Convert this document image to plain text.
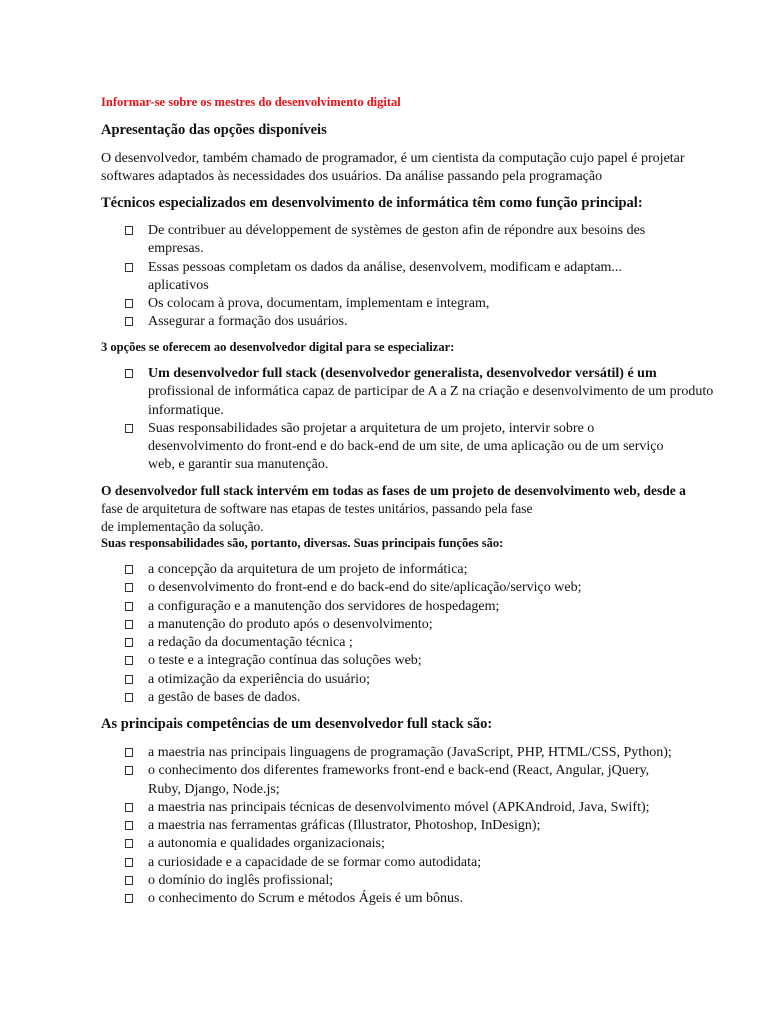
Informar-se sobre os mestres do desenvolvimento digital

Apresentação das opções disponíveis

O desenvolvedor, também chamado de programador, é um cientista da computação cujo papel é projetar
softwares adaptados às necessidades dos usuários. Da análise passando pela programação

Técnicos especializados em desenvolvimento de informática têm como função principal:

De contribuer au développement de systèmes de geston afin de répondre aux besoins des
empresas.
Essas pessoas completam os dados da análise, desenvolvem, modificam e adaptam...
aplicativos
Os colocam à prova, documentam, implementam e integram,
Assegurar a formação dos usuários.

3 opções se oferecem ao desenvolvedor digital para se especializar:

Um desenvolvedor full stack (desenvolvedor generalista, desenvolvedor versátil) é um
profissional de informática capaz de participar de A a Z na criação e desenvolvimento de um produto
informatique.
Suas responsabilidades são projetar a arquitetura de um projeto, intervir sobre o
desenvolvimento do front-end e do back-end de um site, de uma aplicação ou de um serviço
web, e garantir sua manutenção.

O desenvolvedor full stack intervém em todas as fases de um projeto de desenvolvimento web, desde a
fase de arquitetura de software nas etapas de testes unitários, passando pela fase
de implementação da solução.

Suas responsabilidades são, portanto, diversas. Suas principais funções são:

a concepção da arquitetura de um projeto de informática;
o desenvolvimento do front-end e do back-end do site/aplicação/serviço web;
a configuração e a manutenção dos servidores de hospedagem;
a manutenção do produto após o desenvolvimento;
a redação da documentação técnica ;
o teste e a integração contínua das soluções web;
a otimização da experiência do usuário;
a gestão de bases de dados.

As principais competências de um desenvolvedor full stack são:

a maestria nas principais linguagens de programação (JavaScript, PHP, HTML/CSS, Python);
o conhecimento dos diferentes frameworks front-end e back-end (React, Angular, jQuery,
Ruby, Django, Node.js;
a maestria nas principais técnicas de desenvolvimento móvel (APKAndroid, Java, Swift);
a maestria nas ferramentas gráficas (Illustrator, Photoshop, InDesign);
a autonomia e qualidades organizacionais;
a curiosidade e a capacidade de se formar como autodidata;
o domínio do inglês profissional;
o conhecimento do Scrum e métodos Ágeis é um bônus.
